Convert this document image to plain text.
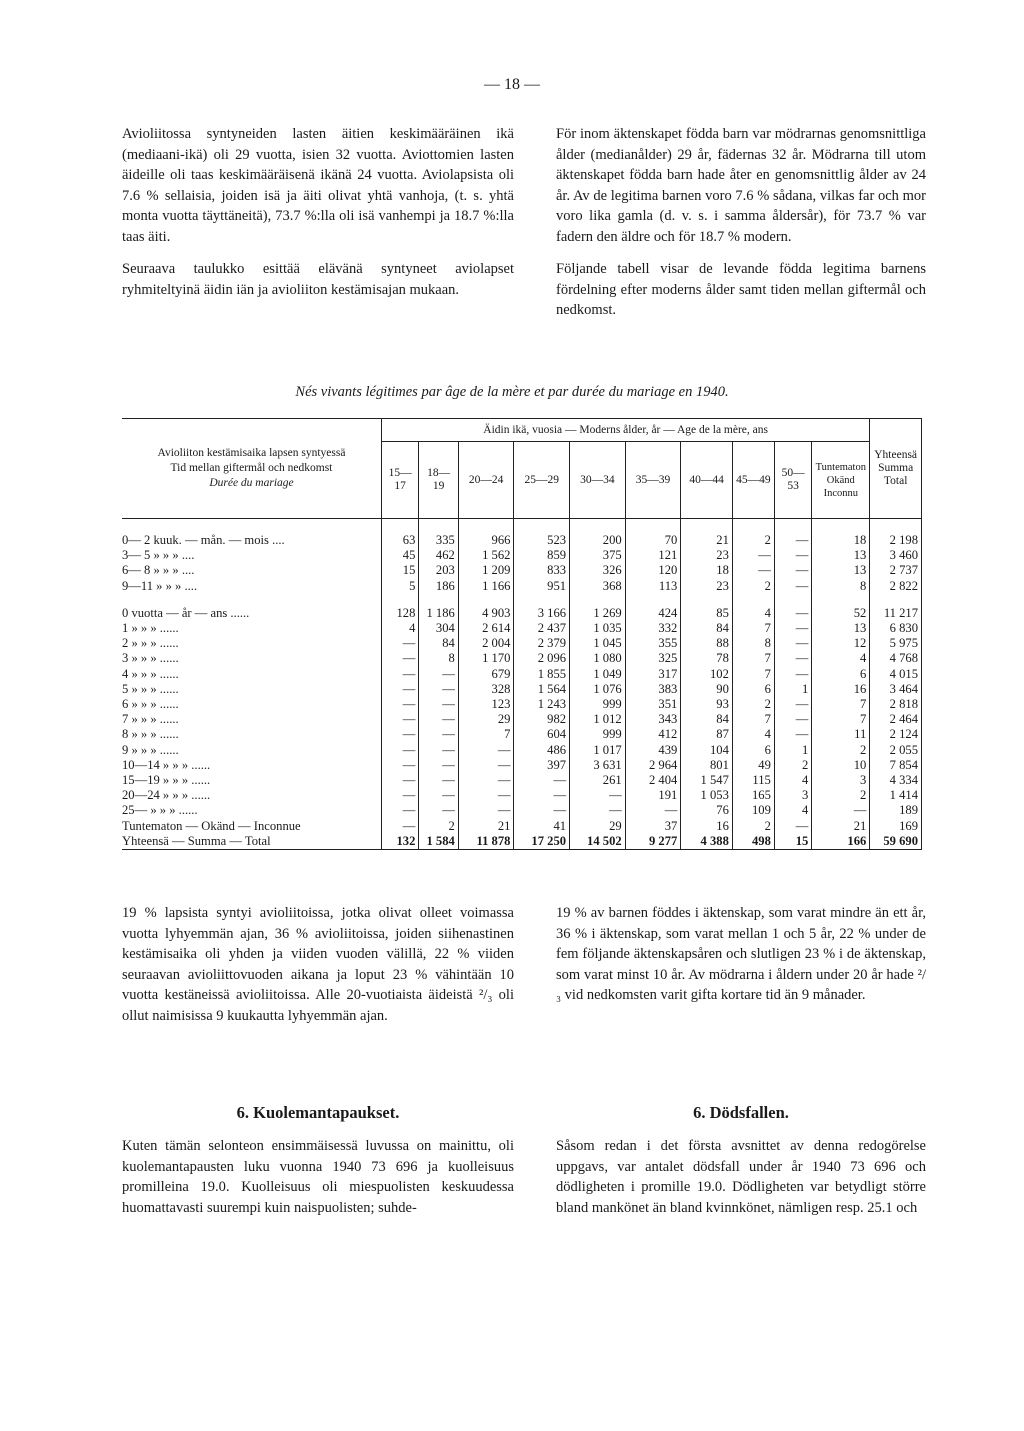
— 18 —

Avioliitossa syntyneiden lasten äitien keskimääräinen ikä (mediaani-ikä) oli 29 vuotta, isien 32 vuotta. Aviottomien lasten äideille oli taas keskimääräisenä ikänä 24 vuotta. Aviolapsista oli 7.6 % sellaisia, joiden isä ja äiti olivat yhtä vanhoja, (t. s. yhtä monta vuotta täyttäneitä), 73.7 %:lla oli isä vanhempi ja 18.7 %:lla taas äiti.

Seuraava taulukko esittää elävänä syntyneet aviolapset ryhmiteltyinä äidin iän ja avioliiton kestämisajan mukaan.

För inom äktenskapet födda barn var mödrarnas genomsnittliga ålder (medianålder) 29 år, fädernas 32 år. Mödrarna till utom äktenskapet födda barn hade åter en genomsnittlig ålder av 24 år. Av de legitima barnen voro 7.6 % sådana, vilkas far och mor voro lika gamla (d. v. s. i samma åldersår), för 73.7 % var fadern den äldre och för 18.7 % modern.

Följande tabell visar de levande födda legitima barnens fördelning efter moderns ålder samt tiden mellan giftermål och nedkomst.

Nés vivants légitimes par âge de la mère et par durée du mariage en 1940.
Avioliiton kestämisaika lapsen syntyessä
Tid mellan giftermål och nedkomst
Durée du mariage	Äidin ikä, vuosia — Moderns ålder, år — Age de la mère, ans										Yhteensä Summa Total
	15— 17	18— 19	20—24	25—29	30—34	35—39	40—44	45—49	50— 53	Tuntematon Okänd Inconnu	

0— 2 kuuk. — mån. — mois ....	63	335	966	523	200	70	21	2	—	18	2 198
3— 5 » » » ....	45	462	1 562	859	375	121	23	—	—	13	3 460
6— 8 » » » ....	15	203	1 209	833	326	120	18	—	—	13	2 737
9—11 » » » ....	5	186	1 166	951	368	113	23	2	—	8	2 822

0 vuotta — år — ans ......	128	1 186	4 903	3 166	1 269	424	85	4	—	52	11 217
1 » » » ......	4	304	2 614	2 437	1 035	332	84	7	—	13	6 830
2 » » » ......	—	84	2 004	2 379	1 045	355	88	8	—	12	5 975
3 » » » ......	—	8	1 170	2 096	1 080	325	78	7	—	4	4 768
4 » » » ......	—	—	679	1 855	1 049	317	102	7	—	6	4 015
5 » » » ......	—	—	328	1 564	1 076	383	90	6	1	16	3 464
6 » » » ......	—	—	123	1 243	999	351	93	2	—	7	2 818
7 » » » ......	—	—	29	982	1 012	343	84	7	—	7	2 464
8 » » » ......	—	—	7	604	999	412	87	4	—	11	2 124
9 » » » ......	—	—	—	486	1 017	439	104	6	1	2	2 055
10—14 » » » ......	—	—	—	397	3 631	2 964	801	49	2	10	7 854
15—19 » » » ......	—	—	—	—	261	2 404	1 547	115	4	3	4 334
20—24 » » » ......	—	—	—	—	—	191	1 053	165	3	2	1 414
25— » » » ......	—	—	—	—	—	—	76	109	4	—	189
Tuntematon — Okänd — Inconnue	—	2	21	41	29	37	16	2	—	21	169
Yhteensä — Summa — Total	132	1 584	11 878	17 250	14 502	9 277	4 388	498	15	166	59 690
19 % lapsista syntyi avioliitoissa, jotka olivat olleet voimassa vuotta lyhyemmän ajan, 36 % avioliitoissa, joiden siihenastinen kestämisaika oli yhden ja viiden vuoden välillä, 22 % viiden seuraavan avioliittovuoden aikana ja loput 23 % vähintään 10 vuotta kestäneissä avioliitoissa. Alle 20-vuotiaista äideistä ²/₃ oli ollut naimisissa 9 kuukautta lyhyemmän ajan.
19 % av barnen föddes i äktenskap, som varat mindre än ett år, 36 % i äktenskap, som varat mellan 1 och 5 år, 22 % under de fem följande äktenskapsåren och slutligen 23 % i de äktenskap, som varat minst 10 år. Av mödrarna i åldern under 20 år hade ²/₃ vid nedkomsten varit gifta kortare tid än 9 månader.
6. Kuolemantapaukset.	6. Dödsfallen.
Kuten tämän selonteon ensimmäisessä luvussa on mainittu, oli kuolemantapausten luku vuonna 1940 73 696 ja kuolleisuus promilleina 19.0. Kuolleisuus oli miespuolisten keskuudessa huomattavasti suurempi kuin naispuolisten; suhde-
Såsom redan i det första avsnittet av denna redogörelse uppgavs, var antalet dödsfall under år 1940 73 696 och dödligheten i promille 19.0. Dödligheten var betydligt större bland mankönet än bland kvinnkönet, nämligen resp. 25.1 och
